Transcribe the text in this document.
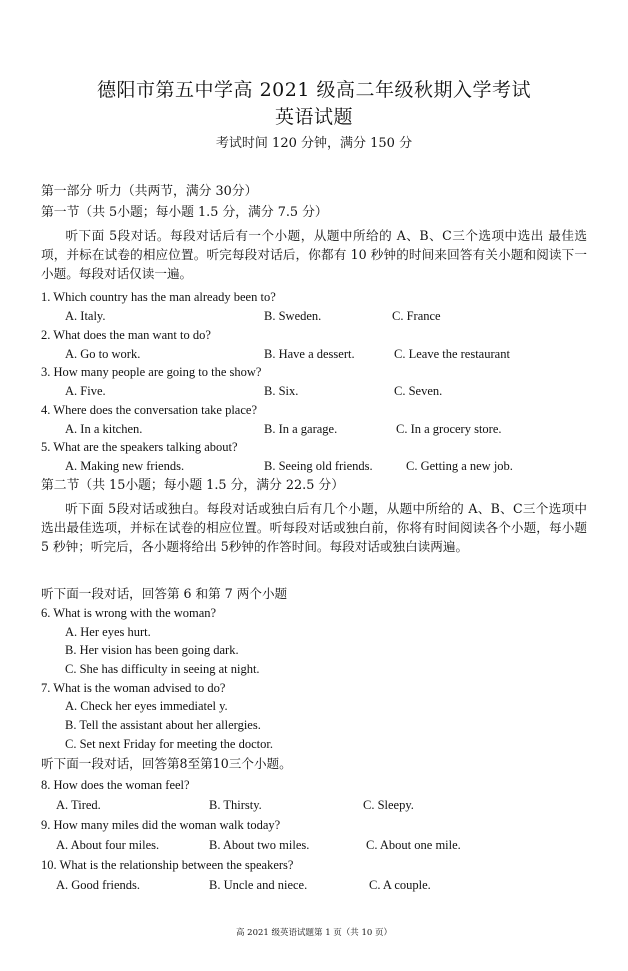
德阳市第五中学高 2021 级高二年级秋期入学考试
英语试题
考试时间 120 分钟，满分 150 分
第一部分 听力（共两节，满分 30分）
第一节（共 5小题；每小题 1.5 分，满分 7.5 分）
听下面 5段对话。每段对话后有一个小题，从题中所给的 A、B、C三个选项中选出 最佳选项，并标在试卷的相应位置。听完每段对话后，你都有 10 秒钟的时间来回答有关小题和阅读下一小题。每段对话仅读一遍。
1. Which country has the man already been to?
A. Italy.	B. Sweden.	C. France
2. What does the man want to do?
A. Go to work.	B. Have a dessert.	C. Leave the restaurant
3. How many people are going to the show?
A. Five.	B. Six.	C. Seven.
4. Where does the conversation take place?
A. In a kitchen.	B. In a garage.	C. In a grocery store.
5. What are the speakers talking about?
A. Making new friends.	B. Seeing old friends.	C. Getting a new job.
第二节（共 15小题；每小题 1.5 分，满分 22.5 分）
听下面 5段对话或独白。每段对话或独白后有几个小题，从题中所给的 A、B、C三个选项中选出最佳选项，并标在试卷的相应位置。听每段对话或独白前，你将有时间阅读各个小题，每小题 5 秒钟；听完后，各小题将给出 5秒钟的作答时间。每段对话或独白读两遍。
听下面一段对话，回答第 6 和第 7 两个小题
6. What is wrong with the woman?
A. Her eyes hurt.
B. Her vision has been going dark.
C. She has difficulty in seeing at night.
7. What is the woman advised to do?
A. Check her eyes immediatel y.
B. Tell the assistant about her allergies.
C. Set next Friday for meeting the doctor.
听下面一段对话，回答第8至第10三个小题。
8. How does the woman feel?
A. Tired.	B. Thirsty.	C. Sleepy.
9. How many miles did the woman walk today?
A. About four miles.	B. About two miles.	C. About one mile.
10. What is the relationship between the speakers?
A. Good friends.	B. Uncle and niece.	C. A couple.
高 2021 级英语试题第 1 页（共 10 页）
